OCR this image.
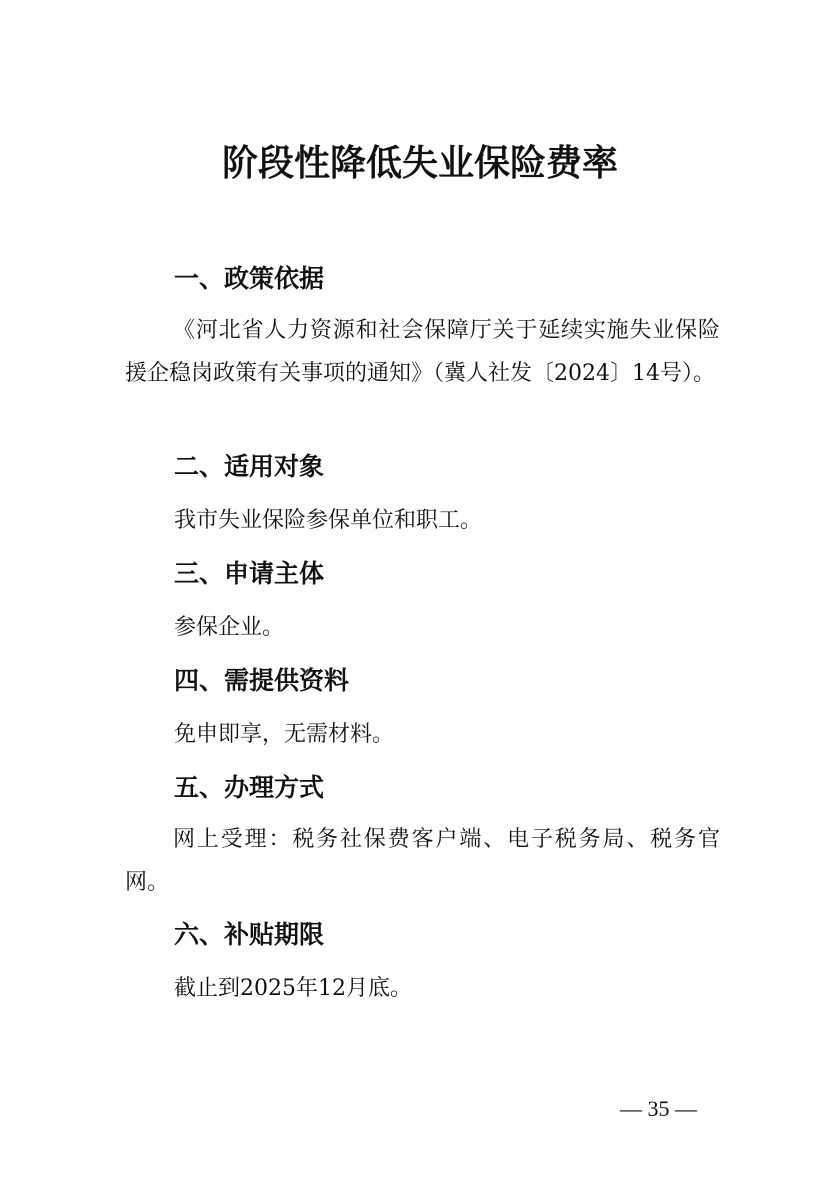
阶段性降低失业保险费率
一、政策依据
《河北省人力资源和社会保障厅关于延续实施失业保险援企稳岗政策有关事项的通知》（冀人社发〔2024〕14号）。
二、适用对象
我市失业保险参保单位和职工。
三、申请主体
参保企业。
四、需提供资料
免申即享，无需材料。
五、办理方式
网上受理：税务社保费客户端、电子税务局、税务官网。
六、补贴期限
截止到2025年12月底。
— 35 —
